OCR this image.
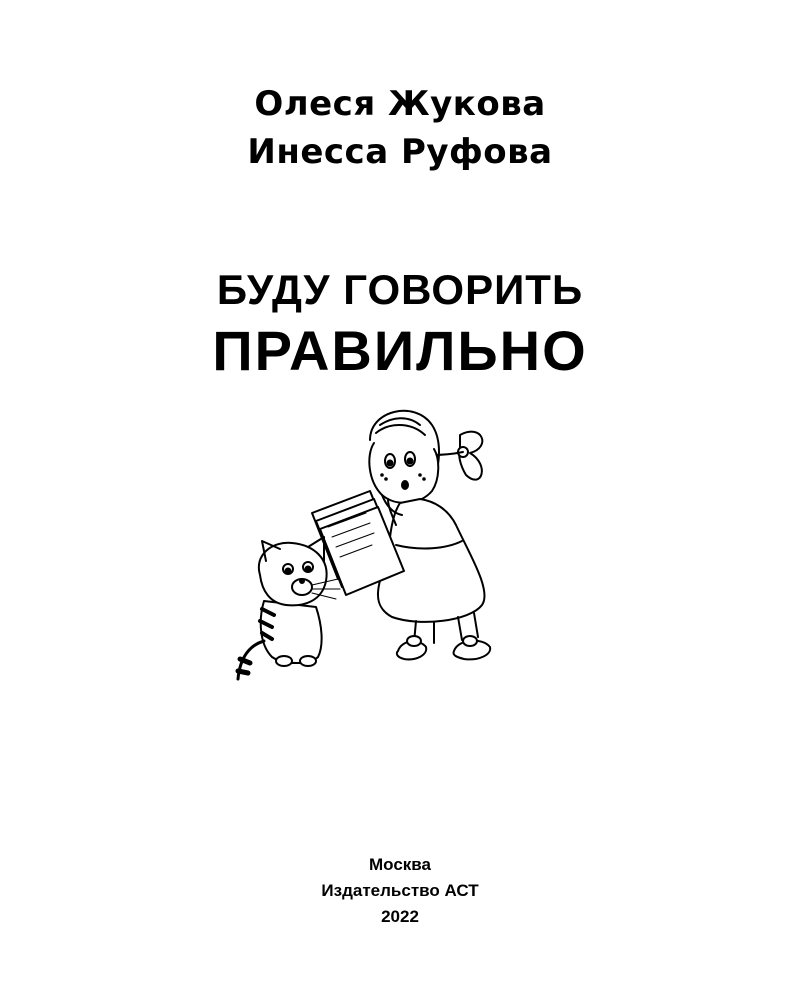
Олеся Жукова
Инесса Руфова
БУДУ ГОВОРИТЬ
ПРАВИЛЬНО
Москва
Издательство АСТ
2022
